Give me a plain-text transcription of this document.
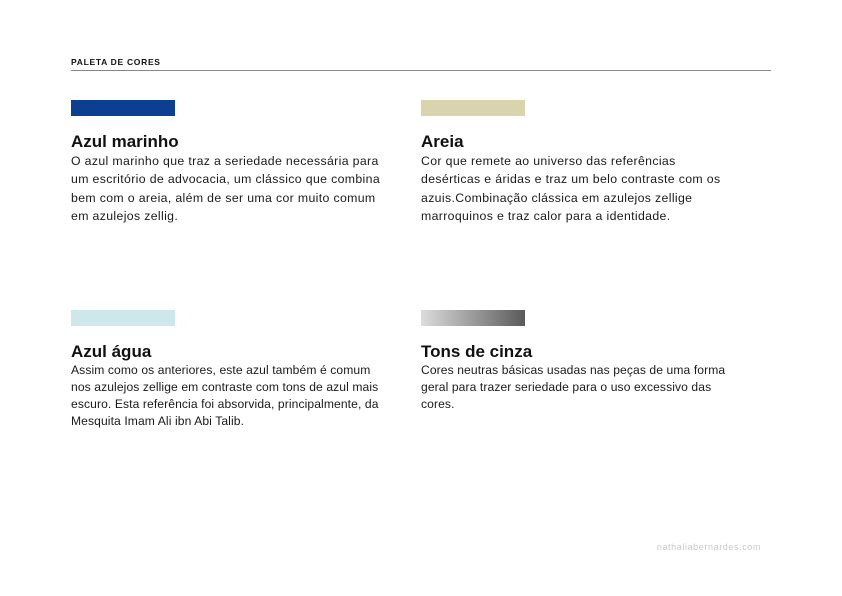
PALETA DE CORES
Azul marinho
O azul marinho que traz a seriedade necessária para um escritório de advocacia, um clássico que combina bem com o areia, além de ser uma cor muito comum em azulejos zellig.
Areia
Cor que remete ao universo das referências desérticas e áridas e traz um belo contraste com os azuis.Combinação clássica em azulejos zellige marroquinos e traz calor para a identidade.
Azul água
Assim como os anteriores, este azul também é comum nos azulejos zellige em contraste com tons de azul mais escuro. Esta referência foi absorvida, principalmente, da Mesquita Imam Ali ibn Abi Talib.
Tons de cinza
Cores neutras básicas usadas nas peças de uma forma geral para trazer seriedade para o uso excessivo das cores.
nathaliabernardes.com
